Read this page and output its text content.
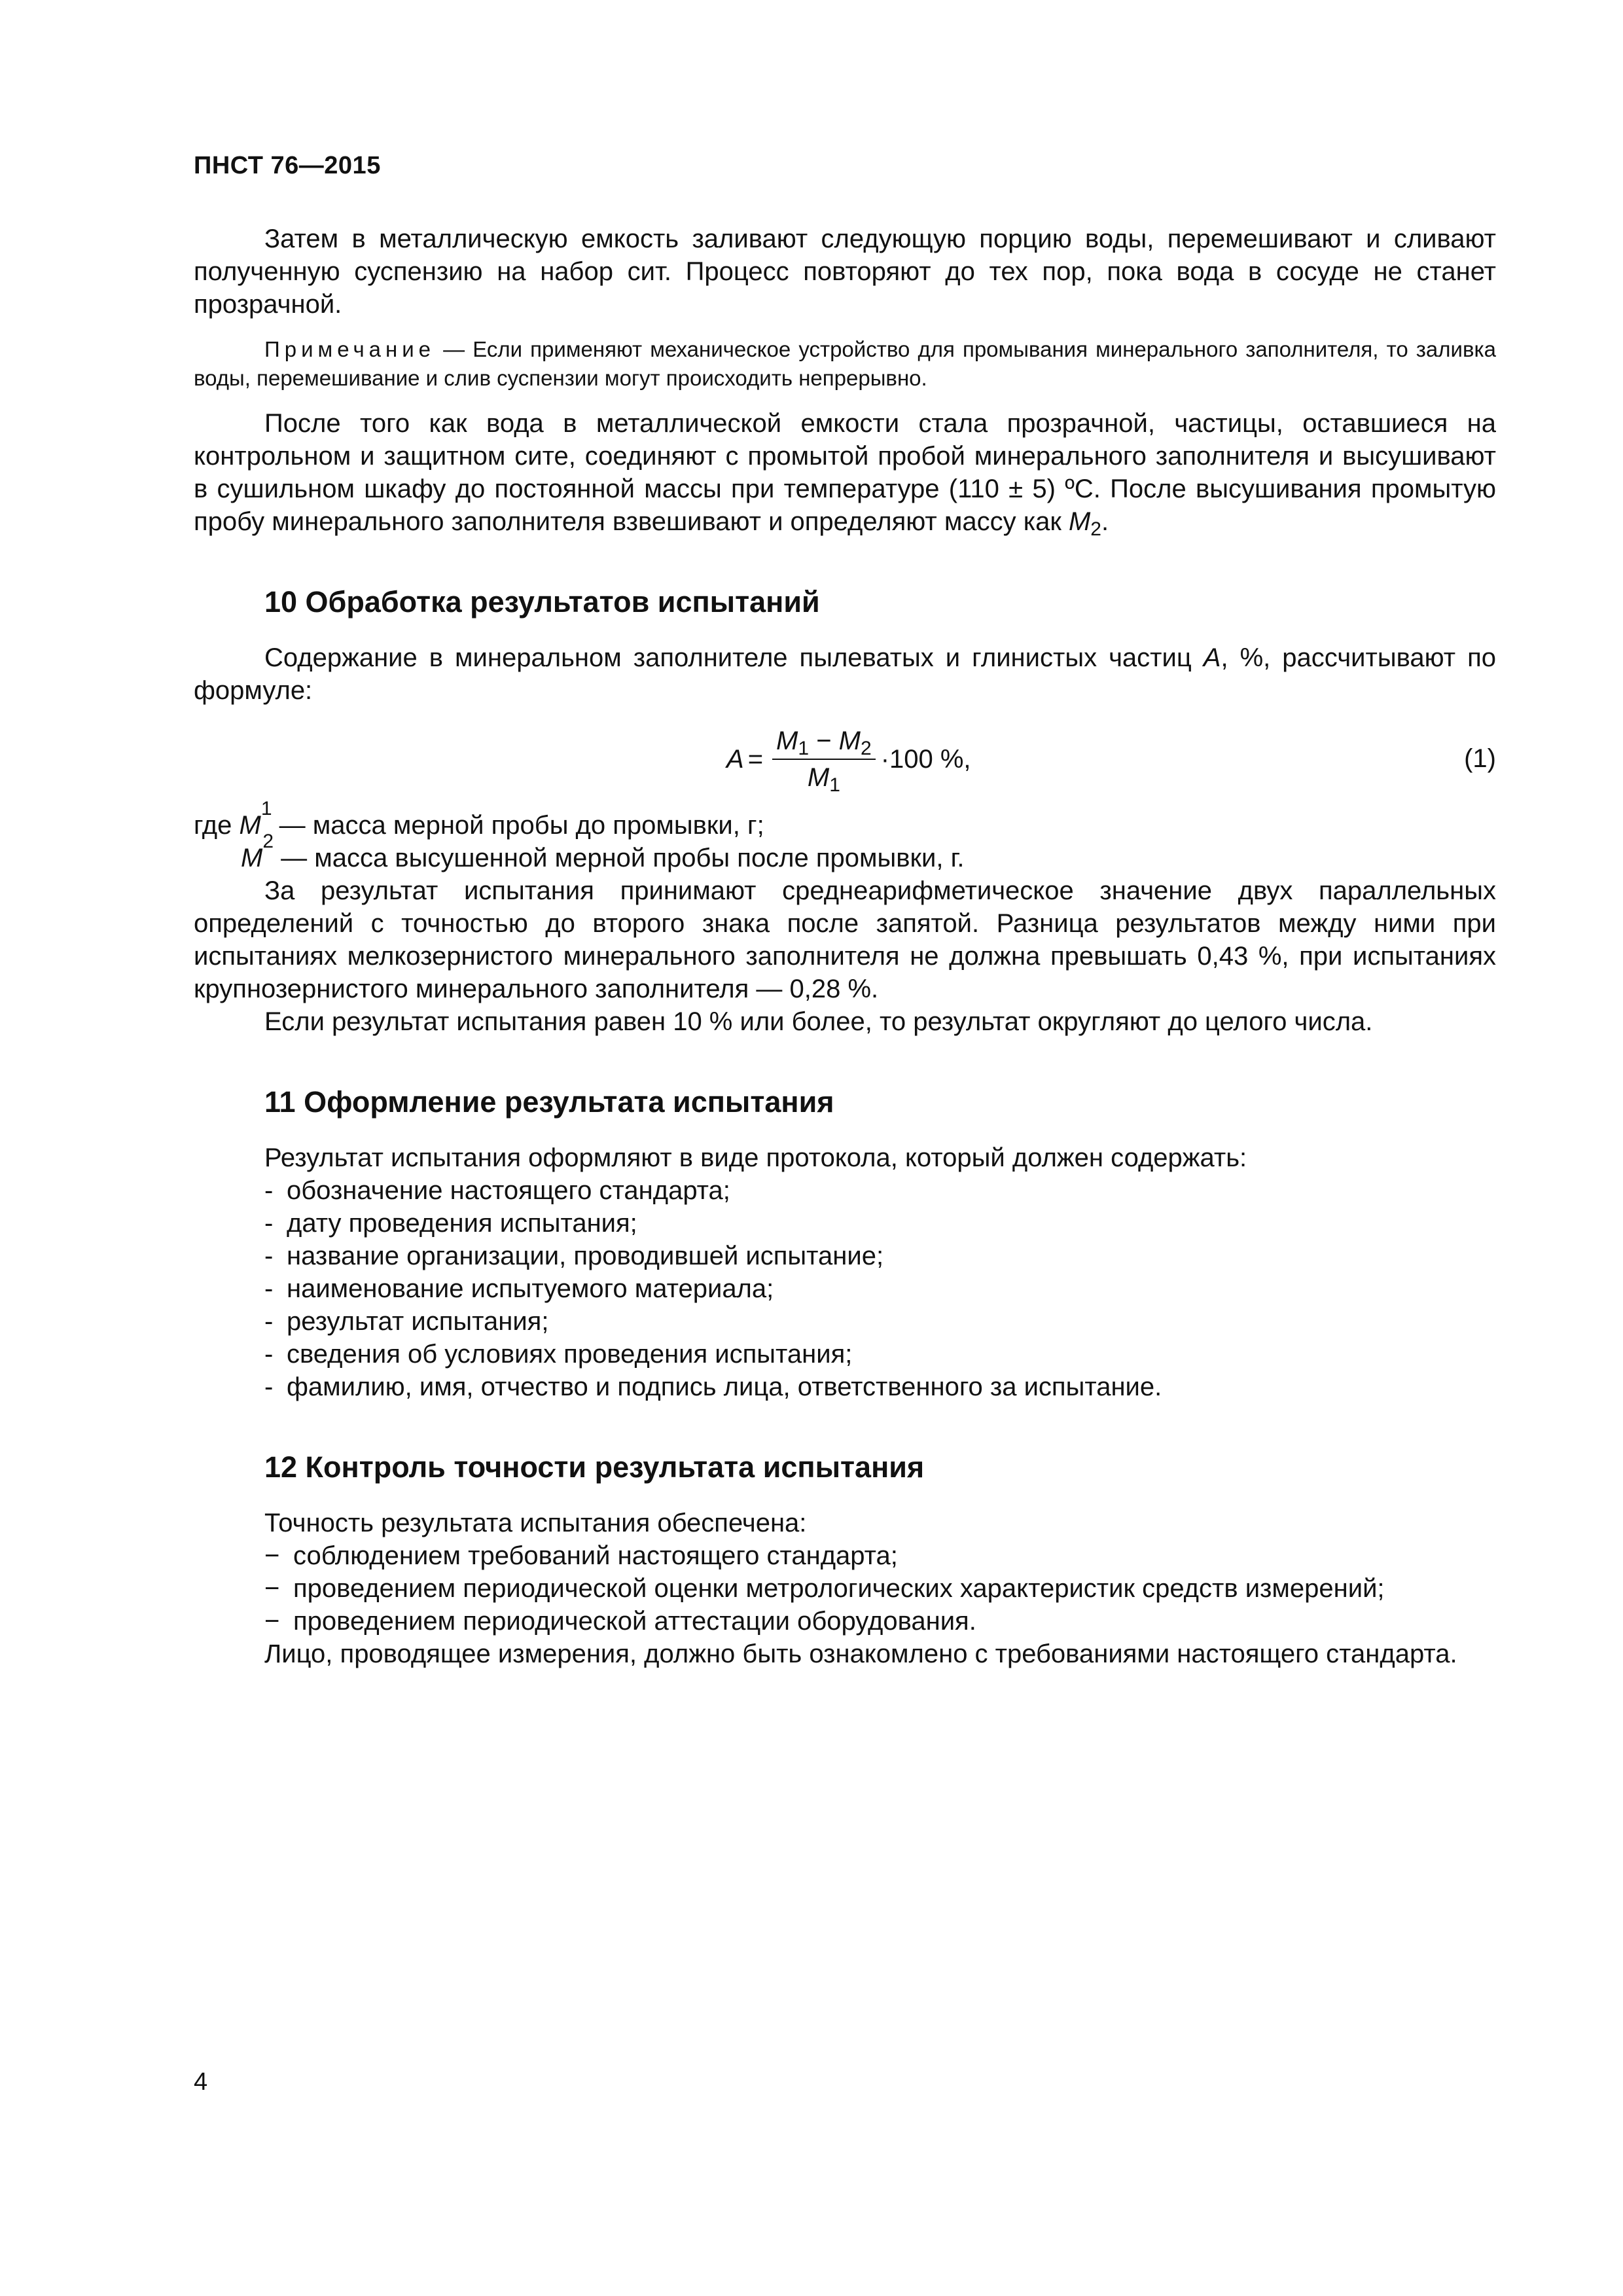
ПНСТ 76—2015

Затем в металлическую емкость заливают следующую порцию воды, перемешивают и сливают полученную суспензию на набор сит. Процесс повторяют до тех пор, пока вода в сосуде не станет прозрачной.

Примечание — Если применяют механическое устройство для промывания минерального заполнителя, то заливка воды, перемешивание и слив суспензии могут происходить непрерывно.

После того как вода в металлической емкости стала прозрачной, частицы, оставшиеся на контрольном и защитном сите, соединяют с промытой пробой минерального заполнителя и высушивают в сушильном шкафу до постоянной массы при температуре (110 ± 5) ºС. После высушивания промытую пробу минерального заполнителя взвешивают и определяют массу как $M_2$.

10 Обработка результатов испытаний

Содержание в минеральном заполнителе пылеватых и глинистых частиц A, %, рассчитывают по формуле:

$A = \frac{M_1 - M_2}{M_1} \cdot 100$ %,	(1)
где M
1
— масса мерной пробы до промывки, г;
M
2
— масса высушенной мерной пробы после промывки, г.

За результат испытания принимают среднеарифметическое значение двух параллельных определений с точностью до второго знака после запятой. Разница результатов между ними при испытаниях мелкозернистого минерального заполнителя не должна превышать 0,43 %, при испытаниях крупнозернистого минерального заполнителя — 0,28 %.

Если результат испытания равен 10 % или более, то результат округляют до целого числа.

11 Оформление результата испытания

Результат испытания оформляют в виде протокола, который должен содержать:

- обозначение настоящего стандарта;
- дату проведения испытания;
- название организации, проводившей испытание;
- наименование испытуемого материала;
- результат испытания;
- сведения об условиях проведения испытания;
- фамилию, имя, отчество и подпись лица, ответственного за испытание.
12 Контроль точности результата испытания

Точность результата испытания обеспечена:

− соблюдением требований настоящего стандарта;
− проведением периодической оценки метрологических характеристик средств измерений;
− проведением периодической аттестации оборудования.

Лицо, проводящее измерения, должно быть ознакомлено с требованиями настоящего стандарта.

4
